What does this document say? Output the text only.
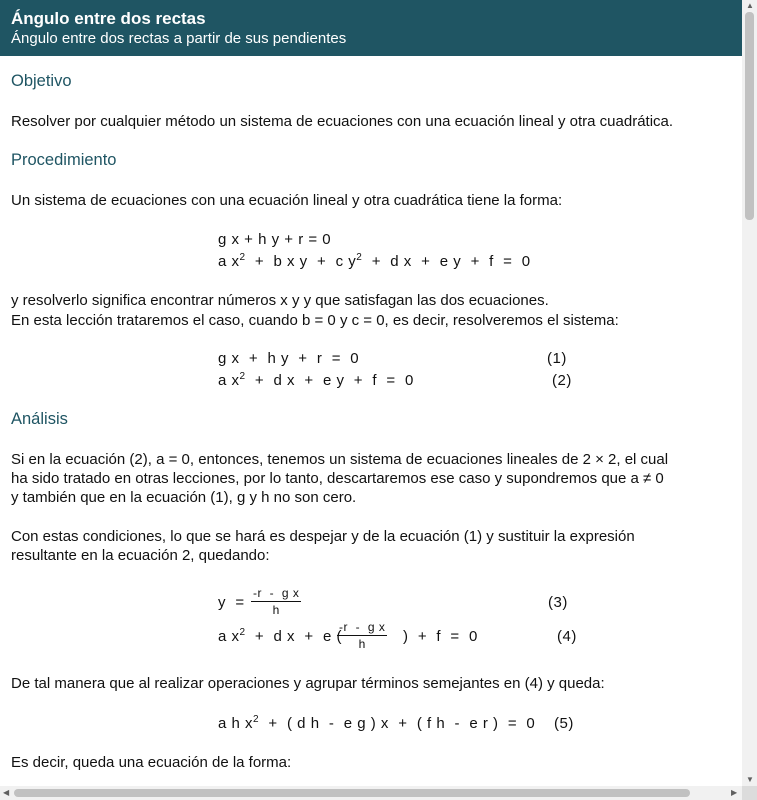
Ángulo entre dos rectas
Ángulo entre dos rectas a partir de sus pendientes
Objetivo
Resolver por cualquier método un sistema de ecuaciones con una ecuación lineal y otra cuadrática.
Procedimiento
Un sistema de ecuaciones con una ecuación lineal y otra cuadrática tiene la forma:
g x + h y + r = 0
a $x^2 + b$ x y  +  c $y^2 + d$ x  +  e y  +  f  =  0
y resolverlo significa encontrar números x y y que satisfagan las dos ecuaciones.
En esta lección trataremos el caso, cuando b = 0 y c = 0, es decir, resolveremos el sistema:
g x  +  h y  +  r  =  0	(1)
a $x^2 + d$ x  +  e y  +  f  =  0	(2)
Análisis
Si en la ecuación (2), a = 0, entonces, tenemos un sistema de ecuaciones lineales de 2 × 2, el cual
ha sido tratado en otras lecciones, por lo tanto, descartaremos ese caso y supondremos que a ≠ 0
y también que en la ecuación (1), g y h no son cero.
Con estas condiciones, lo que se hará es despejar y de la ecuación (1) y sustituir la expresión
resultante en la ecuación 2, quedando:
$y = \frac{\text{-r  -  g x}}{h}$	(3)
a $x^2 + d$ x  +  e (
$\frac{\text{-r  -  g x}}{h}$ )  +  f  =  0	(4)
De tal manera que al realizar operaciones y agrupar términos semejantes en (4) y queda:
a h $x^2$  +  ( d h  -  e g ) x  +  ( f h  -  e r )  =  0 (5)
Es decir, queda una ecuación de la forma:
▲
▼
◀	▶
